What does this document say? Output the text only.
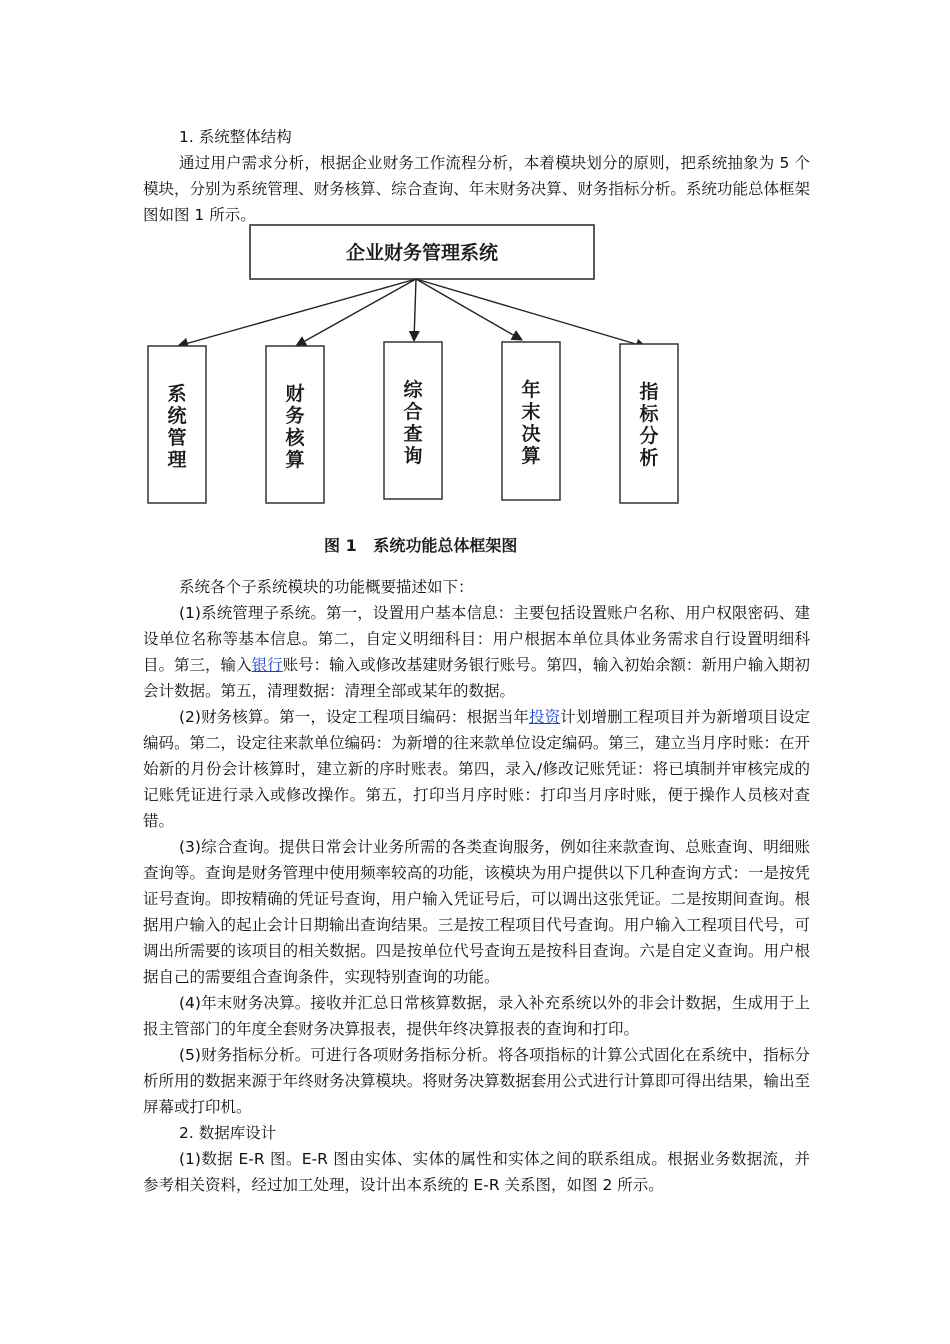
1. 系统整体结构

通过用户需求分析，根据企业财务工作流程分析，本着模块划分的原则，把系统抽象为 5 个模块，分别为系统管理、财务核算、综合查询、年末财务决算、财务指标分析。系统功能总体框架图如图 1 所示。

企业财务管理系统
系
统
管
理
财
务
核
算
综
合
查
询
年
末
决
算
指
标
分
析
图 1   系统功能总体框架图

系统各个子系统模块的功能概要描述如下：

(1)系统管理子系统。第一，设置用户基本信息：主要包括设置账户名称、用户权限密码、建设单位名称等基本信息。第二，自定义明细科目：用户根据本单位具体业务需求自行设置明细科目。第三，输入银行账号：输入或修改基建财务银行账号。第四，输入初始余额：新用户输入期初会计数据。第五，清理数据：清理全部或某年的数据。

(2)财务核算。第一，设定工程项目编码：根据当年投资计划增删工程项目并为新增项目设定编码。第二，设定往来款单位编码：为新增的往来款单位设定编码。第三，建立当月序时账：在开始新的月份会计核算时，建立新的序时账表。第四，录入/修改记账凭证：将已填制并审核完成的记账凭证进行录入或修改操作。第五，打印当月序时账：打印当月序时账，便于操作人员核对查错。

(3)综合查询。提供日常会计业务所需的各类查询服务，例如往来款查询、总账查询、明细账查询等。查询是财务管理中使用频率较高的功能，该模块为用户提供以下几种查询方式：一是按凭证号查询。即按精确的凭证号查询，用户输入凭证号后，可以调出这张凭证。二是按期间查询。根据用户输入的起止会计日期输出查询结果。三是按工程项目代号查询。用户输入工程项目代号，可调出所需要的该项目的相关数据。四是按单位代号查询五是按科目查询。六是自定义查询。用户根据自己的需要组合查询条件，实现特别查询的功能。

(4)年末财务决算。接收并汇总日常核算数据，录入补充系统以外的非会计数据，生成用于上报主管部门的年度全套财务决算报表，提供年终决算报表的查询和打印。

(5)财务指标分析。可进行各项财务指标分析。将各项指标的计算公式固化在系统中，指标分析所用的数据来源于年终财务决算模块。将财务决算数据套用公式进行计算即可得出结果，输出至屏幕或打印机。

2. 数据库设计

(1)数据 E-R 图。E-R 图由实体、实体的属性和实体之间的联系组成。根据业务数据流，并参考相关资料，经过加工处理，设计出本系统的 E-R 关系图，如图 2 所示。
